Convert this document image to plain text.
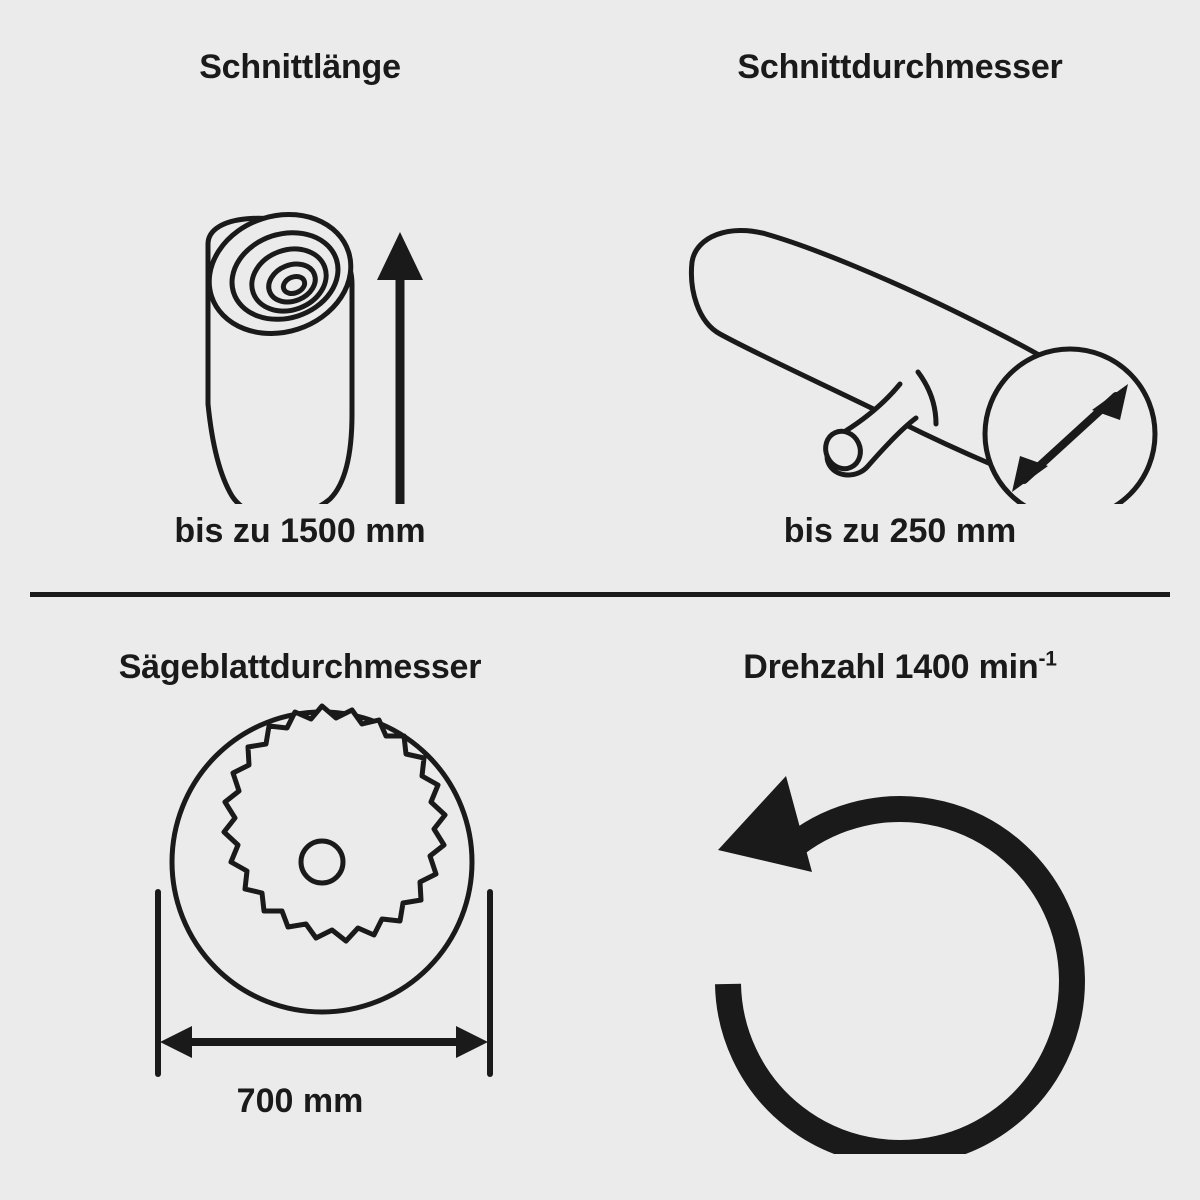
Schnittlänge
bis zu 1500 mm
Schnittdurchmesser
bis zu 250 mm
Sägeblattdurchmesser
700 mm
Drehzahl 1400 $\min^{-1}$
